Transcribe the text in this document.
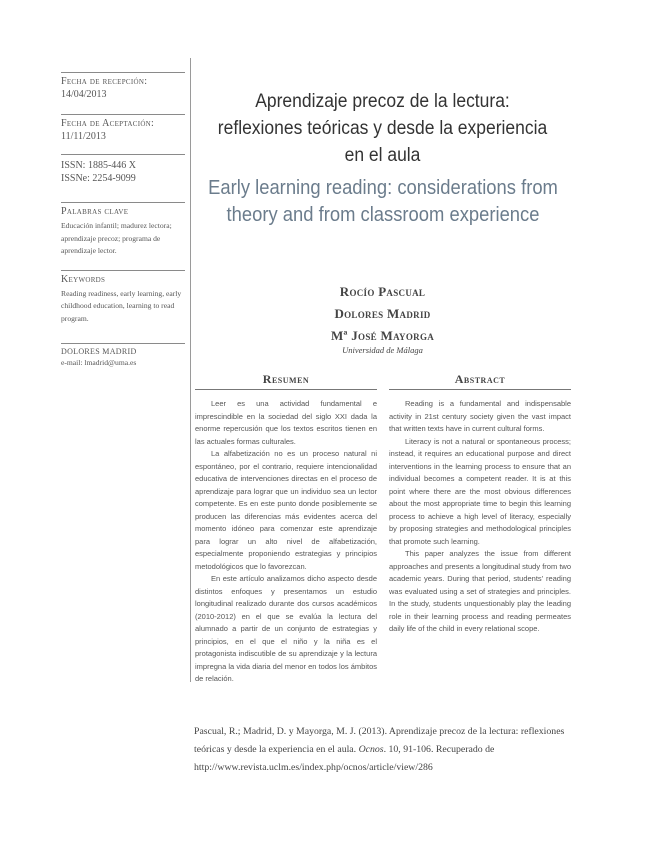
Fecha de recepción:
14/04/2013
Fecha de Aceptación:
11/11/2013
ISSN: 1885-446 X
ISSNe: 2254-9099
Palabras clave
Educación infantil; madurez lectora; aprendizaje precoz; programa de aprendizaje lector.
Keywords
Reading readiness, early learning, early childhood education, learning to read program.
DOLORES MADRID
e-mail: lmadrid@uma.es
Aprendizaje precoz de la lectura: reflexiones teóricas y desde la experiencia en el aula
Early learning reading: considerations from theory and from classroom experience
Rocío Pascual
Dolores Madrid
Mª José Mayorga
Universidad de Málaga
Resumen

Leer es una actividad fundamental e imprescindible en la sociedad del siglo XXI dada la enorme repercusión que los textos escritos tienen en las actuales formas culturales.

La alfabetización no es un proceso natural ni espontáneo, por el contrario, requiere intencionalidad educativa de intervenciones directas en el proceso de aprendizaje para lograr que un individuo sea un lector competente. Es en este punto donde posiblemente se producen las diferencias más evidentes acerca del momento idóneo para comenzar este aprendizaje para lograr un alto nivel de alfabetización, especialmente proponiendo estrategias y principios metodológicos que lo favorezcan.

En este artículo analizamos dicho aspecto desde distintos enfoques y presentamos un estudio longitudinal realizado durante dos cursos académicos (2010-2012) en el que se evalúa la lectura del alumnado a partir de un conjunto de estrategias y principios, en el que el niño y la niña es el protagonista indiscutible de su aprendizaje y la lectura impregna la vida diaria del menor en todos los ámbitos de relación.

Abstract

Reading is a fundamental and indispensable activity in 21st century society given the vast impact that written texts have in current cultural forms.

Literacy is not a natural or spontaneous process; instead, it requires an educational purpose and direct interventions in the learning process to ensure that an individual becomes a competent reader. It is at this point where there are the most obvious differences about the most appropriate time to begin this learning process to achieve a high level of literacy, especially by proposing strategies and methodological principles that promote such learning.

This paper analyzes the issue from different approaches and presents a longitudinal study from two academic years. During that period, students' reading was evaluated using a set of strategies and principles. In the study, students unquestionably play the leading role in their learning process and reading permeates daily life of the child in every relational scope.

Pascual, R.; Madrid, D. y Mayorga, M. J. (2013). Aprendizaje precoz de la lectura: reflexiones teóricas y desde la experiencia en el aula. Ocnos. 10, 91-106. Recuperado de http://www.revista.uclm.es/index.php/ocnos/article/view/286
